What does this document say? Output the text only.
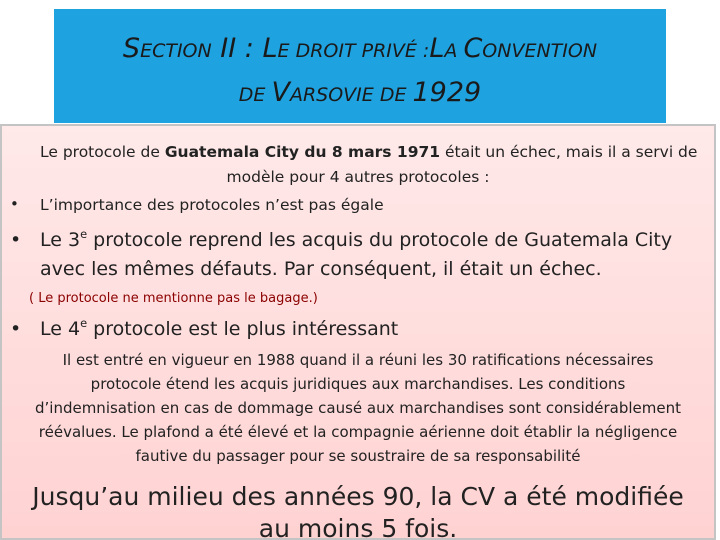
SECTION II : LE DROIT PRIVÉ :LA CONVENTION
DE VARSOVIE DE 1929
Le protocole de Guatemala City du 8 mars 1971 était un échec, mais il a servi de
modèle pour 4 autres protocoles :
• L’importance des protocoles n’est pas égale
• Le 3e protocole reprend les acquis du protocole de Guatemala City
avec les mêmes défauts. Par conséquent, il était un échec.
( Le protocole ne mentionne pas le bagage.)
• Le 4e protocole est le plus intéressant
Il est entré en vigueur en 1988 quand il a réuni les 30 ratifications nécessaires
protocole étend les acquis juridiques aux marchandises. Les conditions
d’indemnisation en cas de dommage causé aux marchandises sont considérablement
réévalues. Le plafond a été élevé et la compagnie aérienne doit établir la négligence
fautive du passager pour se soustraire de sa responsabilité
Jusqu’au milieu des années 90, la CV a été modifiée
au moins 5 fois.
